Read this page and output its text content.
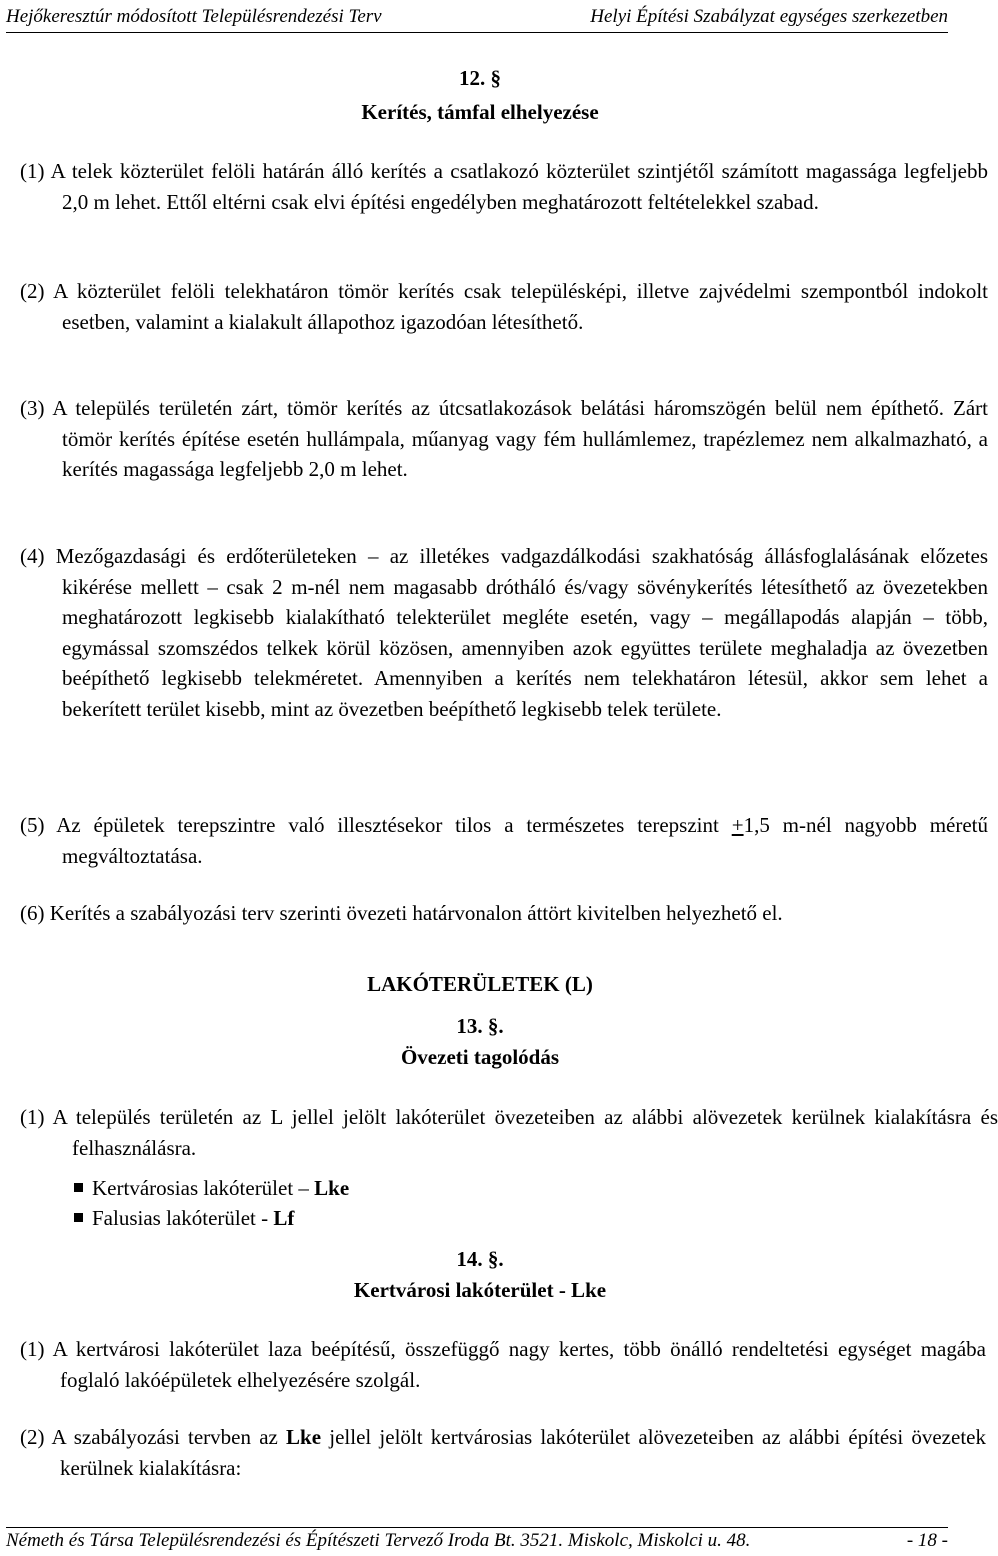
Hejőkeresztúr módosított Településrendezési Terv	Helyi Építési Szabályzat egységes szerkezetben
12. §
Kerítés, támfal elhelyezése
(1) A telek közterület felöli határán álló kerítés a csatlakozó közterület szintjétől számított magassága legfeljebb 2,0 m lehet. Ettől eltérni csak elvi építési engedélyben meghatározott feltételekkel szabad.
(2) A közterület felöli telekhatáron tömör kerítés csak településképi, illetve zajvédelmi szempontból indokolt esetben, valamint a kialakult állapothoz igazodóan létesíthető.
(3) A település területén zárt, tömör kerítés az útcsatlakozások belátási háromszögén belül nem építhető. Zárt tömör kerítés építése esetén hullámpala, műanyag vagy fém hullámlemez, trapézlemez nem alkalmazható, a kerítés magassága legfeljebb 2,0 m lehet.
(4) Mezőgazdasági és erdőterületeken – az illetékes vadgazdálkodási szakhatóság állásfoglalásának előzetes kikérése mellett – csak 2 m-nél nem magasabb drótháló és/vagy sövénykerítés létesíthető az övezetekben meghatározott legkisebb kialakítható telekterület megléte esetén, vagy – megállapodás alapján – több, egymással szomszédos telkek körül közösen, amennyiben azok együttes területe meghaladja az övezetben beépíthető legkisebb telekméretet. Amennyiben a kerítés nem telekhatáron létesül, akkor sem lehet a bekerített terület kisebb, mint az övezetben beépíthető legkisebb telek területe.
(5) Az épületek terepszintre való illesztésekor tilos a természetes terepszint +1,5 m-nél nagyobb méretű megváltoztatása.
(6) Kerítés a szabályozási terv szerinti övezeti határvonalon áttört kivitelben helyezhető el.
LAKÓTERÜLETEK (L)
13. §.
Övezeti tagolódás
(1) A település területén az L jellel jelölt lakóterület övezeteiben az alábbi alövezetek kerülnek kialakításra és felhasználásra.
Kertvárosias lakóterület – Lke
Falusias lakóterület - Lf
14. §.
Kertvárosi lakóterület - Lke
(1) A kertvárosi lakóterület laza beépítésű, összefüggő nagy kertes, több önálló rendeltetési egységet magába foglaló lakóépületek elhelyezésére szolgál.
(2) A szabályozási tervben az Lke jellel jelölt kertvárosias lakóterület alövezeteiben az alábbi építési övezetek kerülnek kialakításra:
Németh és Társa Településrendezési és Építészeti Tervező Iroda Bt. 3521. Miskolc, Miskolci u. 48.	- 18 -
